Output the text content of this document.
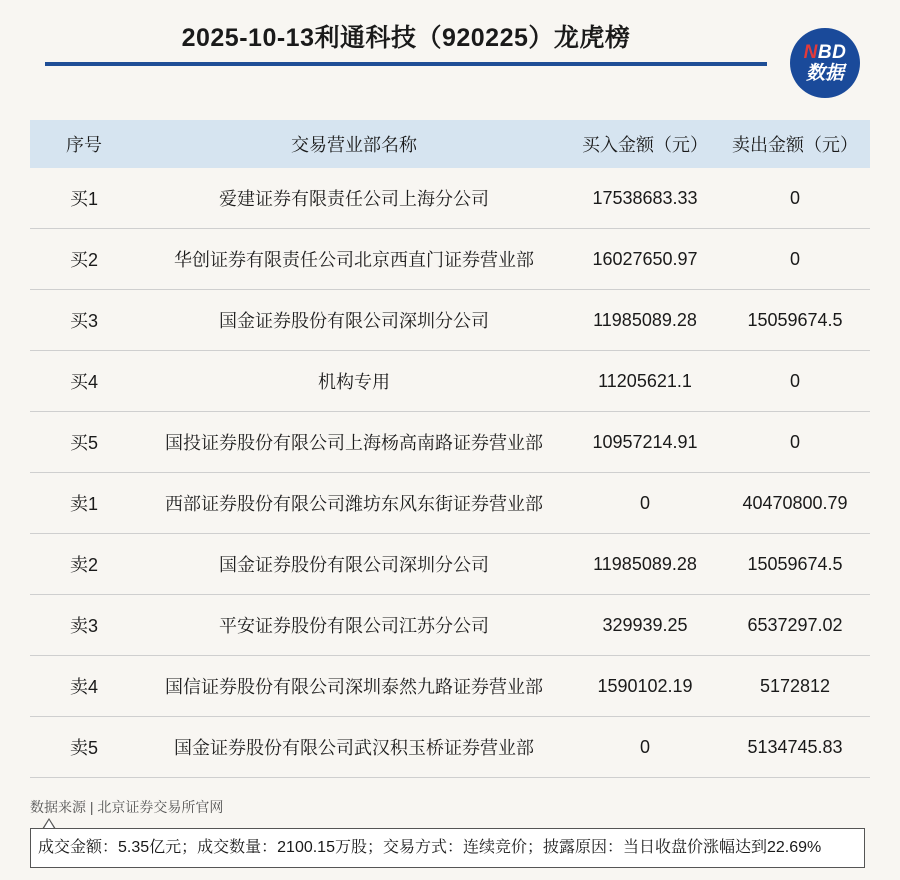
2025-10-13利通科技（920225）龙虎榜
NBD
数据
序号	交易营业部名称	买入金额（元）	卖出金额（元）
买1	爱建证券有限责任公司上海分公司	17538683.33	0
买2	华创证券有限责任公司北京西直门证券营业部	16027650.97	0
买3	国金证券股份有限公司深圳分公司	11985089.28	15059674.5
买4	机构专用	11205621.1	0
买5	国投证券股份有限公司上海杨高南路证券营业部	10957214.91	0
卖1	西部证券股份有限公司潍坊东风东街证券营业部	0	40470800.79
卖2	国金证券股份有限公司深圳分公司	11985089.28	15059674.5
卖3	平安证券股份有限公司江苏分公司	329939.25	6537297.02
卖4	国信证券股份有限公司深圳泰然九路证券营业部	1590102.19	5172812
卖5	国金证券股份有限公司武汉积玉桥证券营业部	0	5134745.83
数据来源 | 北京证券交易所官网
成交金额：5.35亿元；成交数量：2100.15万股；交易方式：连续竞价；披露原因：当日收盘价涨幅达到22.69%
